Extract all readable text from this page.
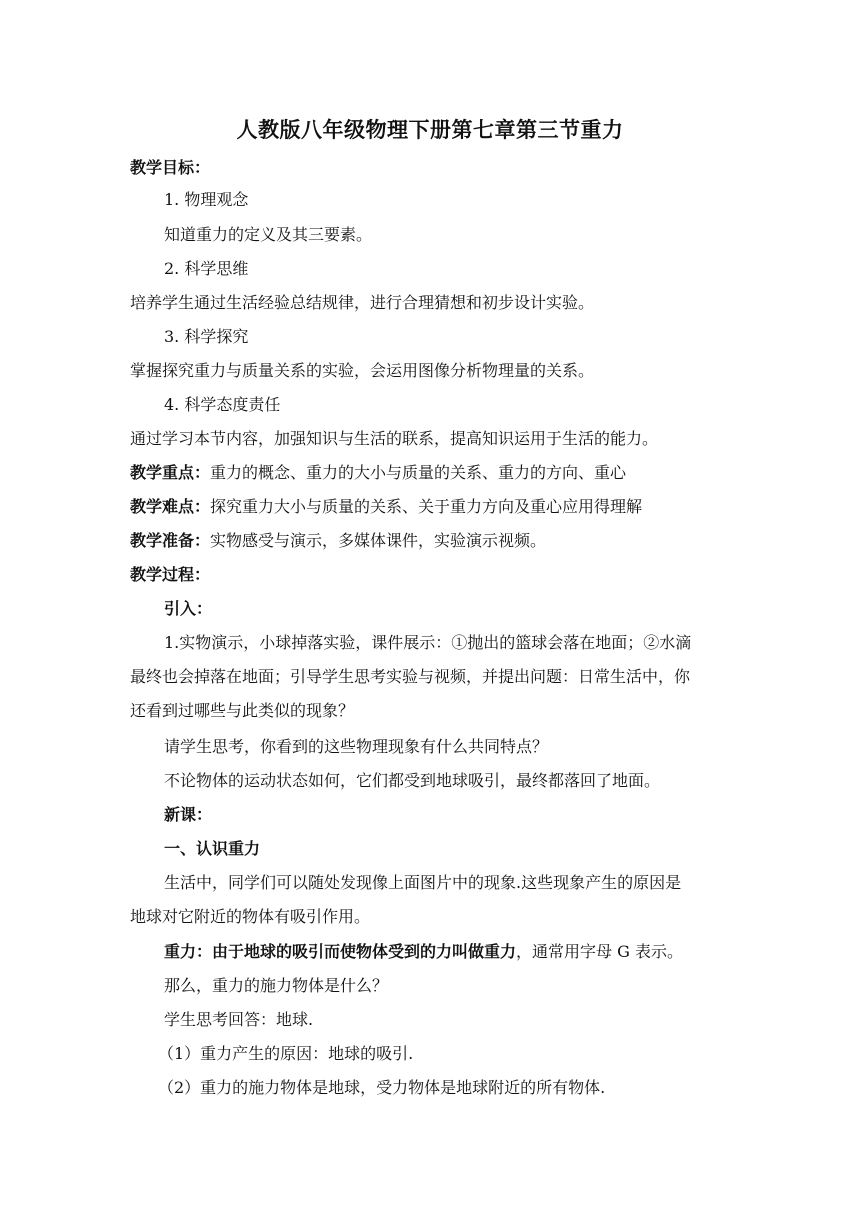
人教版八年级物理下册第七章第三节重力
教学目标：
1. 物理观念
知道重力的定义及其三要素。
2. 科学思维
培养学生通过生活经验总结规律，进行合理猜想和初步设计实验。
3. 科学探究
掌握探究重力与质量关系的实验，会运用图像分析物理量的关系。
4. 科学态度责任
通过学习本节内容，加强知识与生活的联系，提高知识运用于生活的能力。
教学重点：重力的概念、重力的大小与质量的关系、重力的方向、重心
教学难点：探究重力大小与质量的关系、关于重力方向及重心应用得理解
教学准备：实物感受与演示，多媒体课件，实验演示视频。
教学过程：
引入：
1.实物演示，小球掉落实验，课件展示：①抛出的篮球会落在地面；②水滴
最终也会掉落在地面；引导学生思考实验与视频，并提出问题：日常生活中，你
还看到过哪些与此类似的现象？
请学生思考，你看到的这些物理现象有什么共同特点？
不论物体的运动状态如何，它们都受到地球吸引，最终都落回了地面。
新课：
一、认识重力
生活中，同学们可以随处发现像上面图片中的现象.这些现象产生的原因是
地球对它附近的物体有吸引作用。
重力：由于地球的吸引而使物体受到的力叫做重力，通常用字母 G 表示。
那么，重力的施力物体是什么？
学生思考回答：地球.
（1）重力产生的原因：地球的吸引.
（2）重力的施力物体是地球，受力物体是地球附近的所有物体.
